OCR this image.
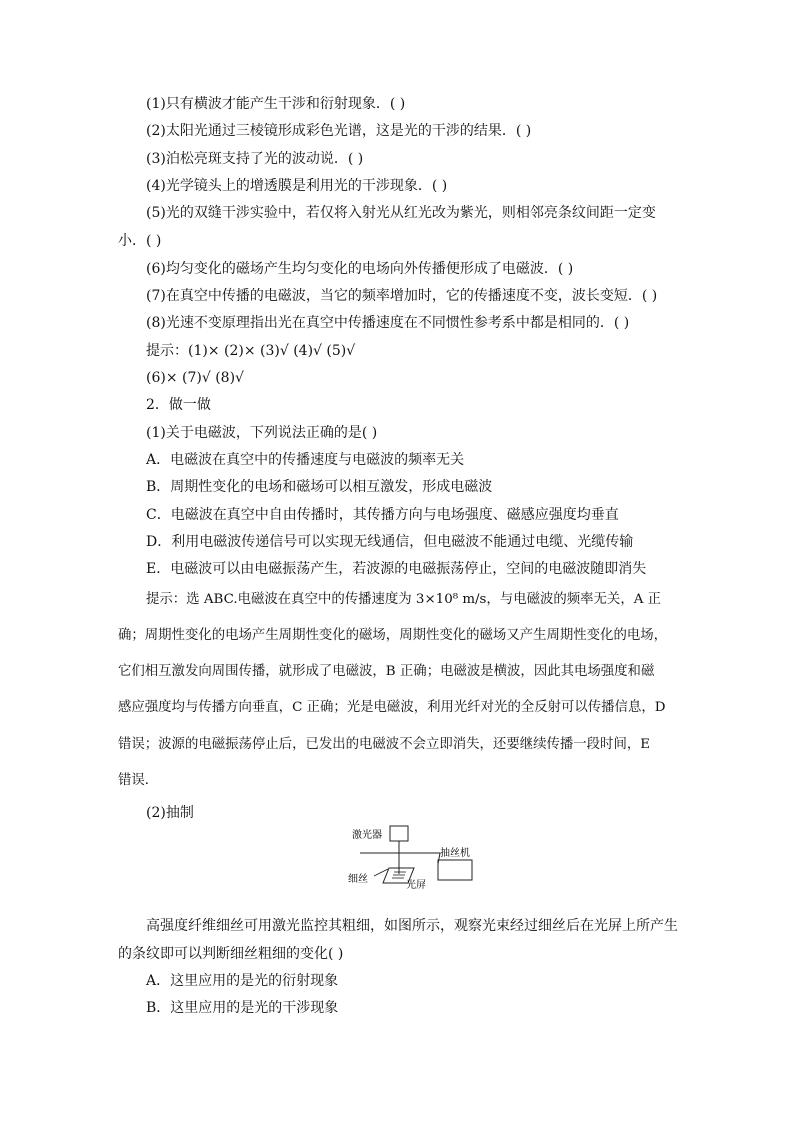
(1)只有横波才能产生干涉和衍射现象．( )
(2)太阳光通过三棱镜形成彩色光谱，这是光的干涉的结果．( )
(3)泊松亮斑支持了光的波动说．( )
(4)光学镜头上的增透膜是利用光的干涉现象．( )
(5)光的双缝干涉实验中，若仅将入射光从红光改为紫光，则相邻亮条纹间距一定变
小．( )
(6)均匀变化的磁场产生均匀变化的电场向外传播便形成了电磁波．( )
(7)在真空中传播的电磁波，当它的频率增加时，它的传播速度不变，波长变短．( )
(8)光速不变原理指出光在真空中传播速度在不同惯性参考系中都是相同的．( )
提示：(1)× (2)× (3)√ (4)√ (5)√
(6)× (7)√ (8)√
2．做一做
(1)关于电磁波，下列说法正确的是( )
A．电磁波在真空中的传播速度与电磁波的频率无关
B．周期性变化的电场和磁场可以相互激发，形成电磁波
C．电磁波在真空中自由传播时，其传播方向与电场强度、磁感应强度均垂直
D．利用电磁波传递信号可以实现无线通信，但电磁波不能通过电缆、光缆传输
E．电磁波可以由电磁振荡产生，若波源的电磁振荡停止，空间的电磁波随即消失
提示：选 ABC.电磁波在真空中的传播速度为 3×10⁸ m/s，与电磁波的频率无关，A 正
确；周期性变化的电场产生周期性变化的磁场，周期性变化的磁场又产生周期性变化的电场，
它们相互激发向周围传播，就形成了电磁波，B 正确；电磁波是横波，因此其电场强度和磁
感应强度均与传播方向垂直，C 正确；光是电磁波，利用光纤对光的全反射可以传播信息，D
错误；波源的电磁振荡停止后，已发出的电磁波不会立即消失，还要继续传播一段时间，E
错误．
(2)抽制
激光器
抽丝机
细丝
光屏
高强度纤维细丝可用激光监控其粗细，如图所示，观察光束经过细丝后在光屏上所产生
的条纹即可以判断细丝粗细的变化( )
A．这里应用的是光的衍射现象
B．这里应用的是光的干涉现象
